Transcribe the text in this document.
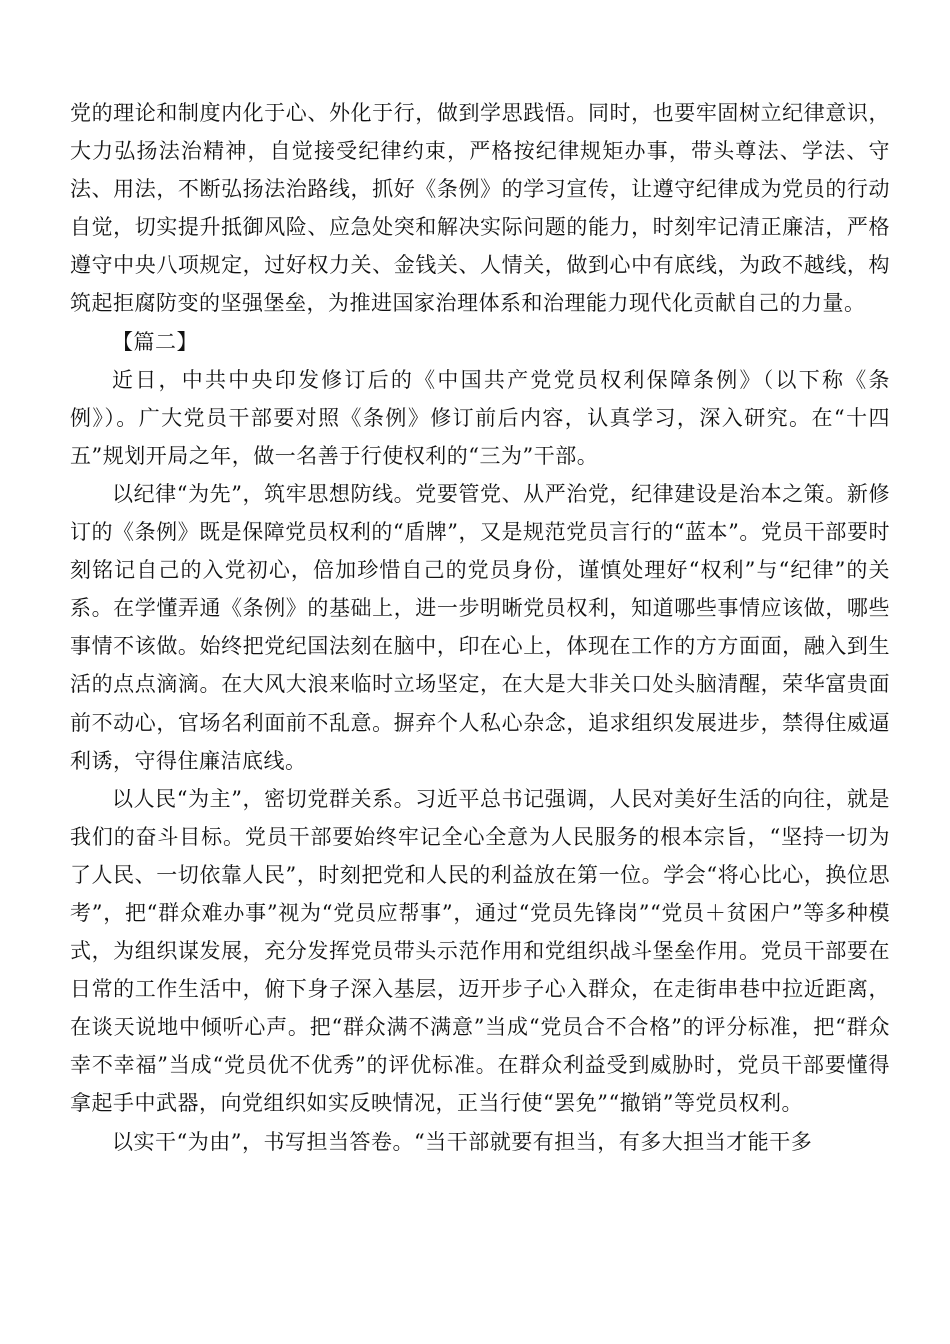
党的理论和制度内化于心、外化于行，做到学思践悟。同时，也要牢固树立纪律意识，大力弘扬法治精神，自觉接受纪律约束，严格按纪律规矩办事，带头尊法、学法、守法、用法，不断弘扬法治路线，抓好《条例》的学习宣传，让遵守纪律成为党员的行动自觉，切实提升抵御风险、应急处突和解决实际问题的能力，时刻牢记清正廉洁，严格遵守中央八项规定，过好权力关、金钱关、人情关，做到心中有底线，为政不越线，构筑起拒腐防变的坚强堡垒，为推进国家治理体系和治理能力现代化贡献自己的力量。

【篇二】

近日，中共中央印发修订后的《中国共产党党员权利保障条例》（以下称《条例》）。广大党员干部要对照《条例》修订前后内容，认真学习，深入研究。在“十四五”规划开局之年，做一名善于行使权利的“三为”干部。

以纪律“为先”，筑牢思想防线。党要管党、从严治党，纪律建设是治本之策。新修订的《条例》既是保障党员权利的“盾牌”，又是规范党员言行的“蓝本”。党员干部要时刻铭记自己的入党初心，倍加珍惜自己的党员身份，谨慎处理好“权利”与“纪律”的关系。在学懂弄通《条例》的基础上，进一步明晰党员权利，知道哪些事情应该做，哪些事情不该做。始终把党纪国法刻在脑中，印在心上，体现在工作的方方面面，融入到生活的点点滴滴。在大风大浪来临时立场坚定，在大是大非关口处头脑清醒，荣华富贵面前不动心，官场名利面前不乱意。摒弃个人私心杂念，追求组织发展进步，禁得住威逼利诱，守得住廉洁底线。

以人民“为主”，密切党群关系。习近平总书记强调，人民对美好生活的向往，就是我们的奋斗目标。党员干部要始终牢记全心全意为人民服务的根本宗旨，“坚持一切为了人民、一切依靠人民”，时刻把党和人民的利益放在第一位。学会“将心比心，换位思考”，把“群众难办事”视为“党员应帮事”，通过“党员先锋岗”“党员＋贫困户”等多种模式，为组织谋发展，充分发挥党员带头示范作用和党组织战斗堡垒作用。党员干部要在日常的工作生活中，俯下身子深入基层，迈开步子心入群众，在走街串巷中拉近距离，在谈天说地中倾听心声。把“群众满不满意”当成“党员合不合格”的评分标准，把“群众幸不幸福”当成“党员优不优秀”的评优标准。在群众利益受到威胁时，党员干部要懂得拿起手中武器，向党组织如实反映情况，正当行使“罢免”“撤销”等党员权利。

以实干“为由”，书写担当答卷。“当干部就要有担当，有多大担当才能干多
